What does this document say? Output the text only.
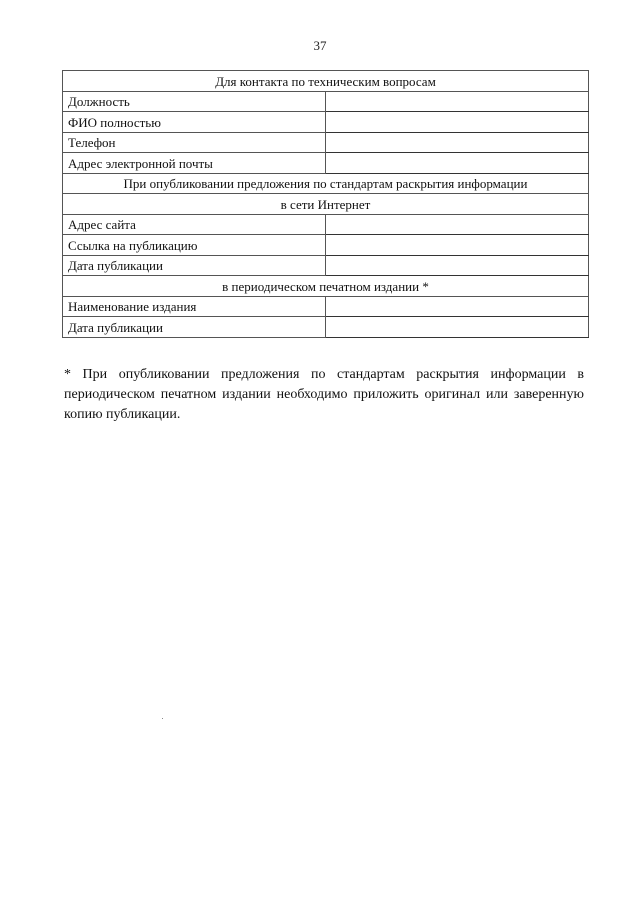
37
Для контакта по техническим вопросам	
Должность	
ФИО полностью	
Телефон	
Адрес электронной почты	
При опубликовании предложения по стандартам раскрытия информации	
в сети Интернет	
Адрес сайта	
Ссылка на публикацию	
Дата публикации	
в периодическом печатном издании *	
Наименование издания	
Дата публикации	

* При опубликовании предложения по стандартам раскрытия информации в периодическом печатном издании необходимо приложить оригинал или заверенную копию публикации.
